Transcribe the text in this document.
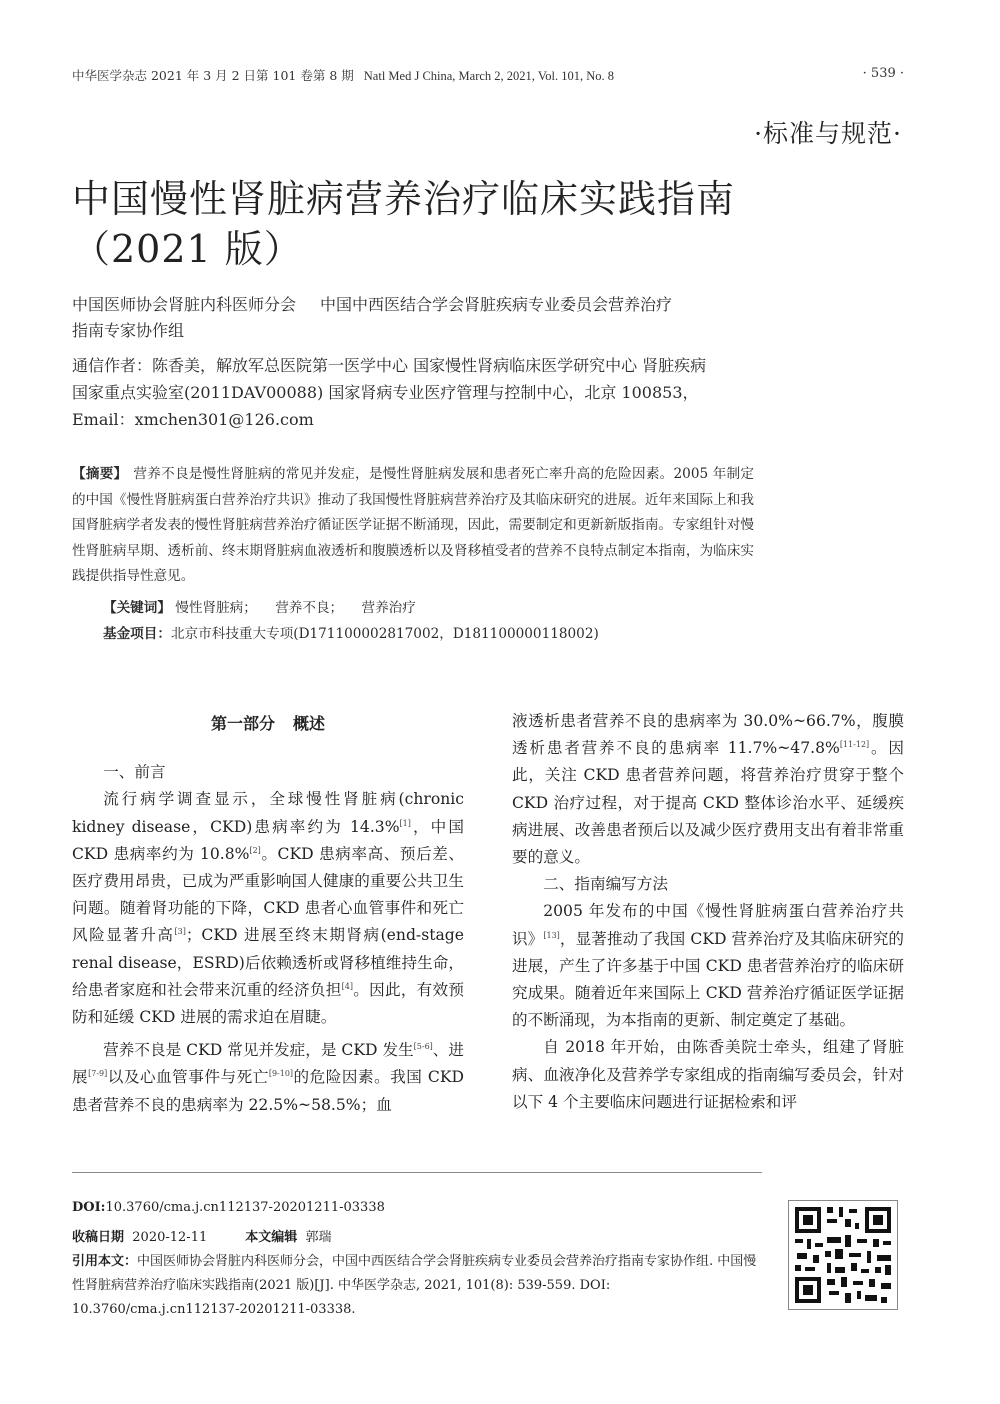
中华医学杂志 2021 年 3 月 2 日第 101 卷第 8 期 Natl Med J China, March 2, 2021, Vol. 101, No. 8	· 539 ·
·标准与规范·
中国慢性肾脏病营养治疗临床实践指南
（2021 版）
中国医师协会肾脏内科医师分会 中国中西医结合学会肾脏疾病专业委员会营养治疗
指南专家协作组

通信作者：陈香美，解放军总医院第一医学中心 国家慢性肾病临床医学研究中心 肾脏疾病

国家重点实验室(2011DAV00088) 国家肾病专业医疗管理与控制中心，北京 100853，

Email：xmchen301@126.com

【摘要】 营养不良是慢性肾脏病的常见并发症，是慢性肾脏病发展和患者死亡率升高的危险因素。2005 年制定的中国《慢性肾脏病蛋白营养治疗共识》推动了我国慢性肾脏病营养治疗及其临床研究的进展。近年来国际上和我国肾脏病学者发表的慢性肾脏病营养治疗循证医学证据不断涌现，因此，需要制定和更新新版指南。专家组针对慢性肾脏病早期、透析前、终末期肾脏病血液透析和腹膜透析以及肾移植受者的营养不良特点制定本指南，为临床实践提供指导性意见。

【关键词】 慢性肾脏病； 营养不良； 营养治疗
基金项目：北京市科技重大专项(D171100002817002，D181100000118002)

第一部分 概述

一、前言

流行病学调查显示，全球慢性肾脏病(chronic kidney disease，CKD)患病率约为 14.3%[1]，中国 CKD 患病率约为 10.8%[2]。CKD 患病率高、预后差、医疗费用昂贵，已成为严重影响国人健康的重要公共卫生问题。随着肾功能的下降，CKD 患者心血管事件和死亡风险显著升高[3]；CKD 进展至终末期肾病(end-stage renal disease，ESRD)后依赖透析或肾移植维持生命，给患者家庭和社会带来沉重的经济负担[4]。因此，有效预防和延缓 CKD 进展的需求迫在眉睫。

营养不良是 CKD 常见并发症，是 CKD 发生[5-6]、进展[7-9]以及心血管事件与死亡[9-10]的危险因素。我国 CKD 患者营养不良的患病率为 22.5%~58.5%；血

液透析患者营养不良的患病率为 30.0%~66.7%，腹膜透析患者营养不良的患病率 11.7%~47.8%[11-12]。因此，关注 CKD 患者营养问题，将营养治疗贯穿于整个 CKD 治疗过程，对于提高 CKD 整体诊治水平、延缓疾病进展、改善患者预后以及减少医疗费用支出有着非常重要的意义。

二、指南编写方法

2005 年发布的中国《慢性肾脏病蛋白营养治疗共识》[13]，显著推动了我国 CKD 营养治疗及其临床研究的进展，产生了许多基于中国 CKD 患者营养治疗的临床研究成果。随着近年来国际上 CKD 营养治疗循证医学证据的不断涌现，为本指南的更新、制定奠定了基础。

自 2018 年开始，由陈香美院士牵头，组建了肾脏病、血液净化及营养学专家组成的指南编写委员会，针对以下 4 个主要临床问题进行证据检索和评

DOI:10.3760/cma.j.cn112137-20201211-03338
收稿日期 2020-12-11	本文编辑 郭瑞
引用本文：中国医师协会肾脏内科医师分会，中国中西医结合学会肾脏疾病专业委员会营养治疗指南专家协作组. 中国慢性肾脏病营养治疗临床实践指南(2021 版)[J]. 中华医学杂志, 2021, 101(8): 539-559. DOI: 10.3760/cma.j.cn112137-20201211-03338.
